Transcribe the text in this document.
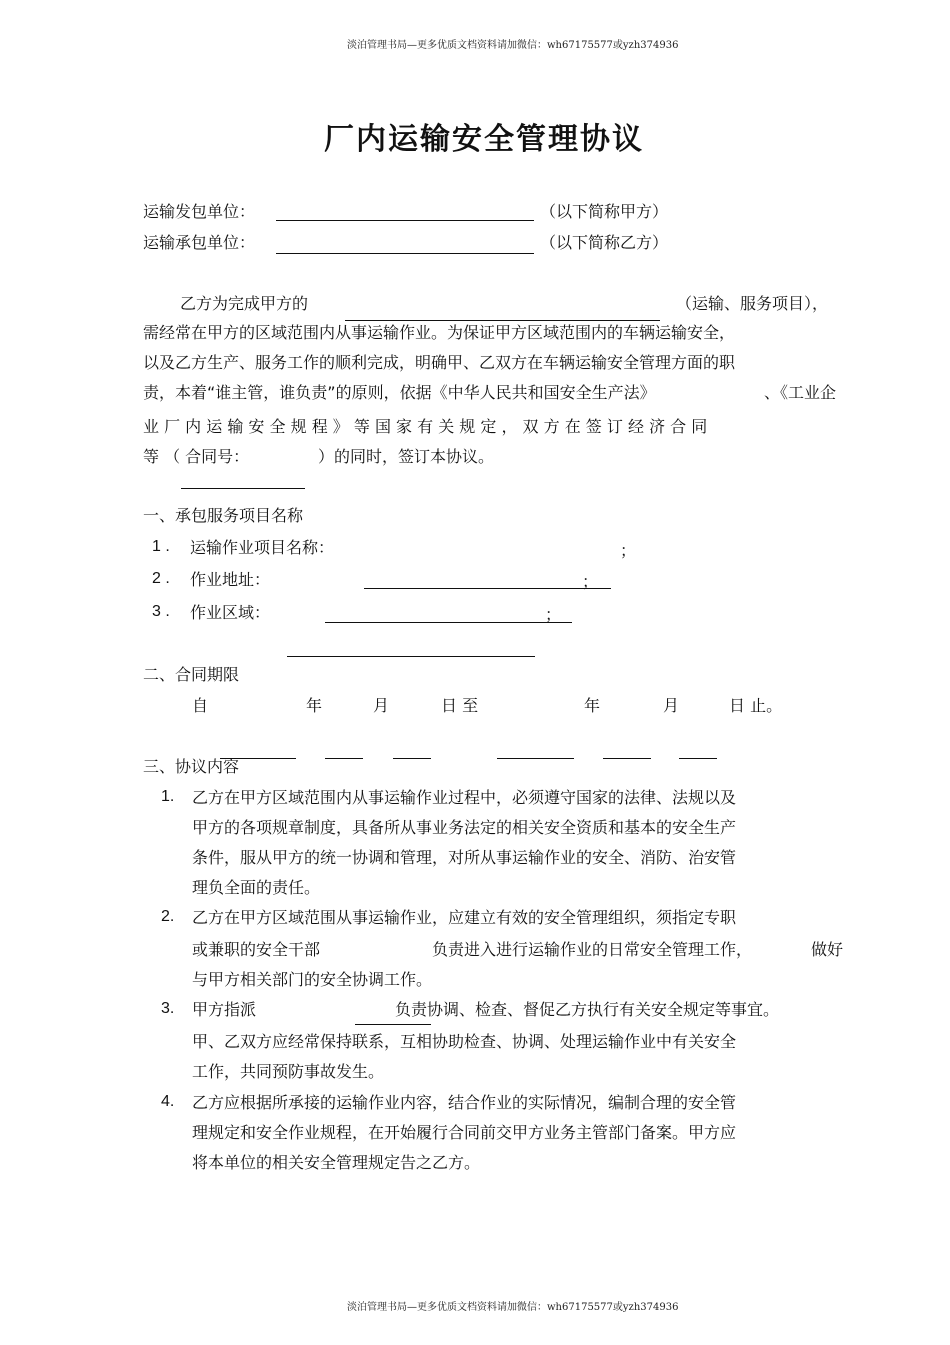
淡泊管理书局—更多优质文档资料请加微信：wh67175577或yzh374936
淡泊管理书局—更多优质文档资料请加微信：wh67175577或yzh374936
厂内运输安全管理协议
运输发包单位：	（以下简称甲方）
运输承包单位：	（以下简称乙方）
乙方为完成甲方的	（运输、服务项目），
需经常在甲方的区域范围内从事运输作业。为保证甲方区域范围内的车辆运输安全，
以及乙方生产、服务工作的顺利完成，明确甲、乙双方在车辆运输安全管理方面的职
责，本着“谁主管，谁负责”的原则，依据《中华人民共和国安全生产法》	、《工业企
业 厂 内 运 输 安 全 规 程 》 等 国 家 有 关 规 定 ， 双 方 在 签 订 经 济 合 同
等 （ 合同号：	）的同时，签订本协议。
一、承包服务项目名称
1 . 运输作业项目名称：	；
2 . 作业地址：	；
3 . 作业区域：	；
二、合同期限
自	年	月	日 至	年	月	日 止。
三、协议内容
1. 乙方在甲方区域范围内从事运输作业过程中，必须遵守国家的法律、法规以及
甲方的各项规章制度，具备所从事业务法定的相关安全资质和基本的安全生产
条件，服从甲方的统一协调和管理，对所从事运输作业的安全、消防、治安管
理负全面的责任。
2. 乙方在甲方区域范围从事运输作业，应建立有效的安全管理组织，须指定专职
或兼职的安全干部	负责进入进行运输作业的日常安全管理工作，	做好
与甲方相关部门的安全协调工作。
3. 甲方指派	负责协调、检查、督促乙方执行有关安全规定等事宜。
甲、乙双方应经常保持联系，互相协助检查、协调、处理运输作业中有关安全
工作，共同预防事故发生。
4. 乙方应根据所承接的运输作业内容，结合作业的实际情况，编制合理的安全管
理规定和安全作业规程，在开始履行合同前交甲方业务主管部门备案。甲方应
将本单位的相关安全管理规定告之乙方。
